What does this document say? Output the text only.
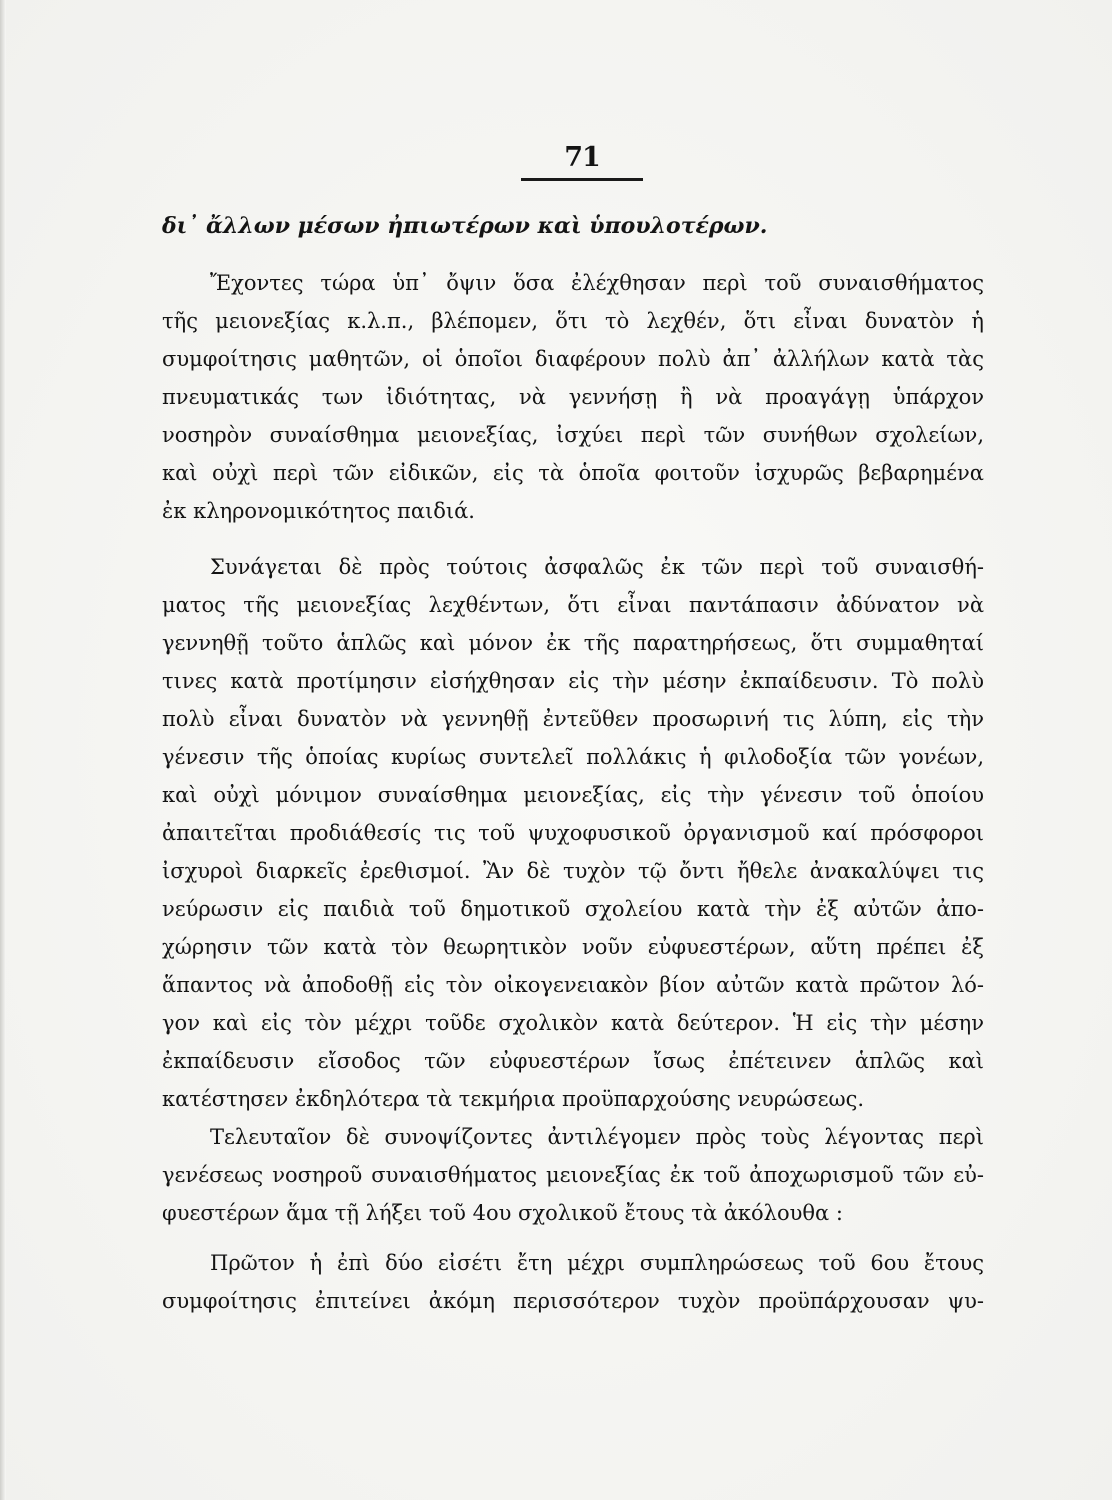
71
δι᾽ ἄλλων μέσων ἠπιωτέρων καὶ ὑπουλοτέρων.
Ἔχοντες τώρα ὑπ᾽ ὄψιν ὅσα ἐλέχθησαν περὶ τοῦ συναισθήματος
τῆς μειονεξίας κ.λ.π., βλέπομεν, ὅτι τὸ λεχθέν, ὅτι εἶναι δυνατὸν ἡ
συμφοίτησις μαθητῶν, οἱ ὁποῖοι διαφέρουν πολὺ ἀπ᾽ ἀλλήλων κατὰ τὰς
πνευματικάς των ἰδιότητας, νὰ γεννήσῃ ἢ νὰ προαγάγῃ ὑπάρχον
νοσηρὸν συναίσθημα μειονεξίας, ἰσχύει περὶ τῶν συνήθων σχολείων,
καὶ οὐχὶ περὶ τῶν εἰδικῶν, εἰς τὰ ὁποῖα φοιτοῦν ἰσχυρῶς βεβαρημένα
ἐκ κληρονομικότητος παιδιά.
Συνάγεται δὲ πρὸς τούτοις ἀσφαλῶς ἐκ τῶν περὶ τοῦ συναισθή-
ματος τῆς μειονεξίας λεχθέντων, ὅτι εἶναι παντάπασιν ἀδύνατον νὰ
γεννηθῇ τοῦτο ἁπλῶς καὶ μόνον ἐκ τῆς παρατηρήσεως, ὅτι συμμαθηταί
τινες κατὰ προτίμησιν εἰσήχθησαν εἰς τὴν μέσην ἐκπαίδευσιν. Τὸ πολὺ
πολὺ εἶναι δυνατὸν νὰ γεννηθῇ ἐντεῦθεν προσωρινή τις λύπη, εἰς τὴν
γένεσιν τῆς ὁποίας κυρίως συντελεῖ πολλάκις ἡ φιλοδοξία τῶν γονέων,
καὶ οὐχὶ μόνιμον συναίσθημα μειονεξίας, εἰς τὴν γένεσιν τοῦ ὁποίου
ἀπαιτεῖται προδιάθεσίς τις τοῦ ψυχοφυσικοῦ ὀργανισμοῦ καί πρόσφοροι
ἰσχυροὶ διαρκεῖς ἐρεθισμοί. Ἂν δὲ τυχὸν τῷ ὄντι ἤθελε ἀνακαλύψει τις
νεύρωσιν εἰς παιδιὰ τοῦ δημοτικοῦ σχολείου κατὰ τὴν ἐξ αὐτῶν ἀπο-
χώρησιν τῶν κατὰ τὸν θεωρητικὸν νοῦν εὐφυεστέρων, αὕτη πρέπει ἐξ
ἅπαντος νὰ ἀποδοθῇ εἰς τὸν οἰκογενειακὸν βίον αὐτῶν κατὰ πρῶτον λό-
γον καὶ εἰς τὸν μέχρι τοῦδε σχολικὸν κατὰ δεύτερον. Ἡ εἰς τὴν μέσην
ἐκπαίδευσιν εἴσοδος τῶν εὐφυεστέρων ἴσως ἐπέτεινεν ἁπλῶς καὶ
κατέστησεν ἐκδηλότερα τὰ τεκμήρια προϋπαρχούσης νευρώσεως.
Τελευταῖον δὲ συνοψίζοντες ἀντιλέγομεν πρὸς τοὺς λέγοντας περὶ
γενέσεως νοσηροῦ συναισθήματος μειονεξίας ἐκ τοῦ ἀποχωρισμοῦ τῶν εὐ-
φυεστέρων ἅμα τῇ λήξει τοῦ 4ου σχολικοῦ ἔτους τὰ ἀκόλουθα :
Πρῶτον ἡ ἐπὶ δύο εἰσέτι ἔτη μέχρι συμπληρώσεως τοῦ 6ου ἔτους
συμφοίτησις ἐπιτείνει ἀκόμη περισσότερον τυχὸν προϋπάρχουσαν ψυ-
